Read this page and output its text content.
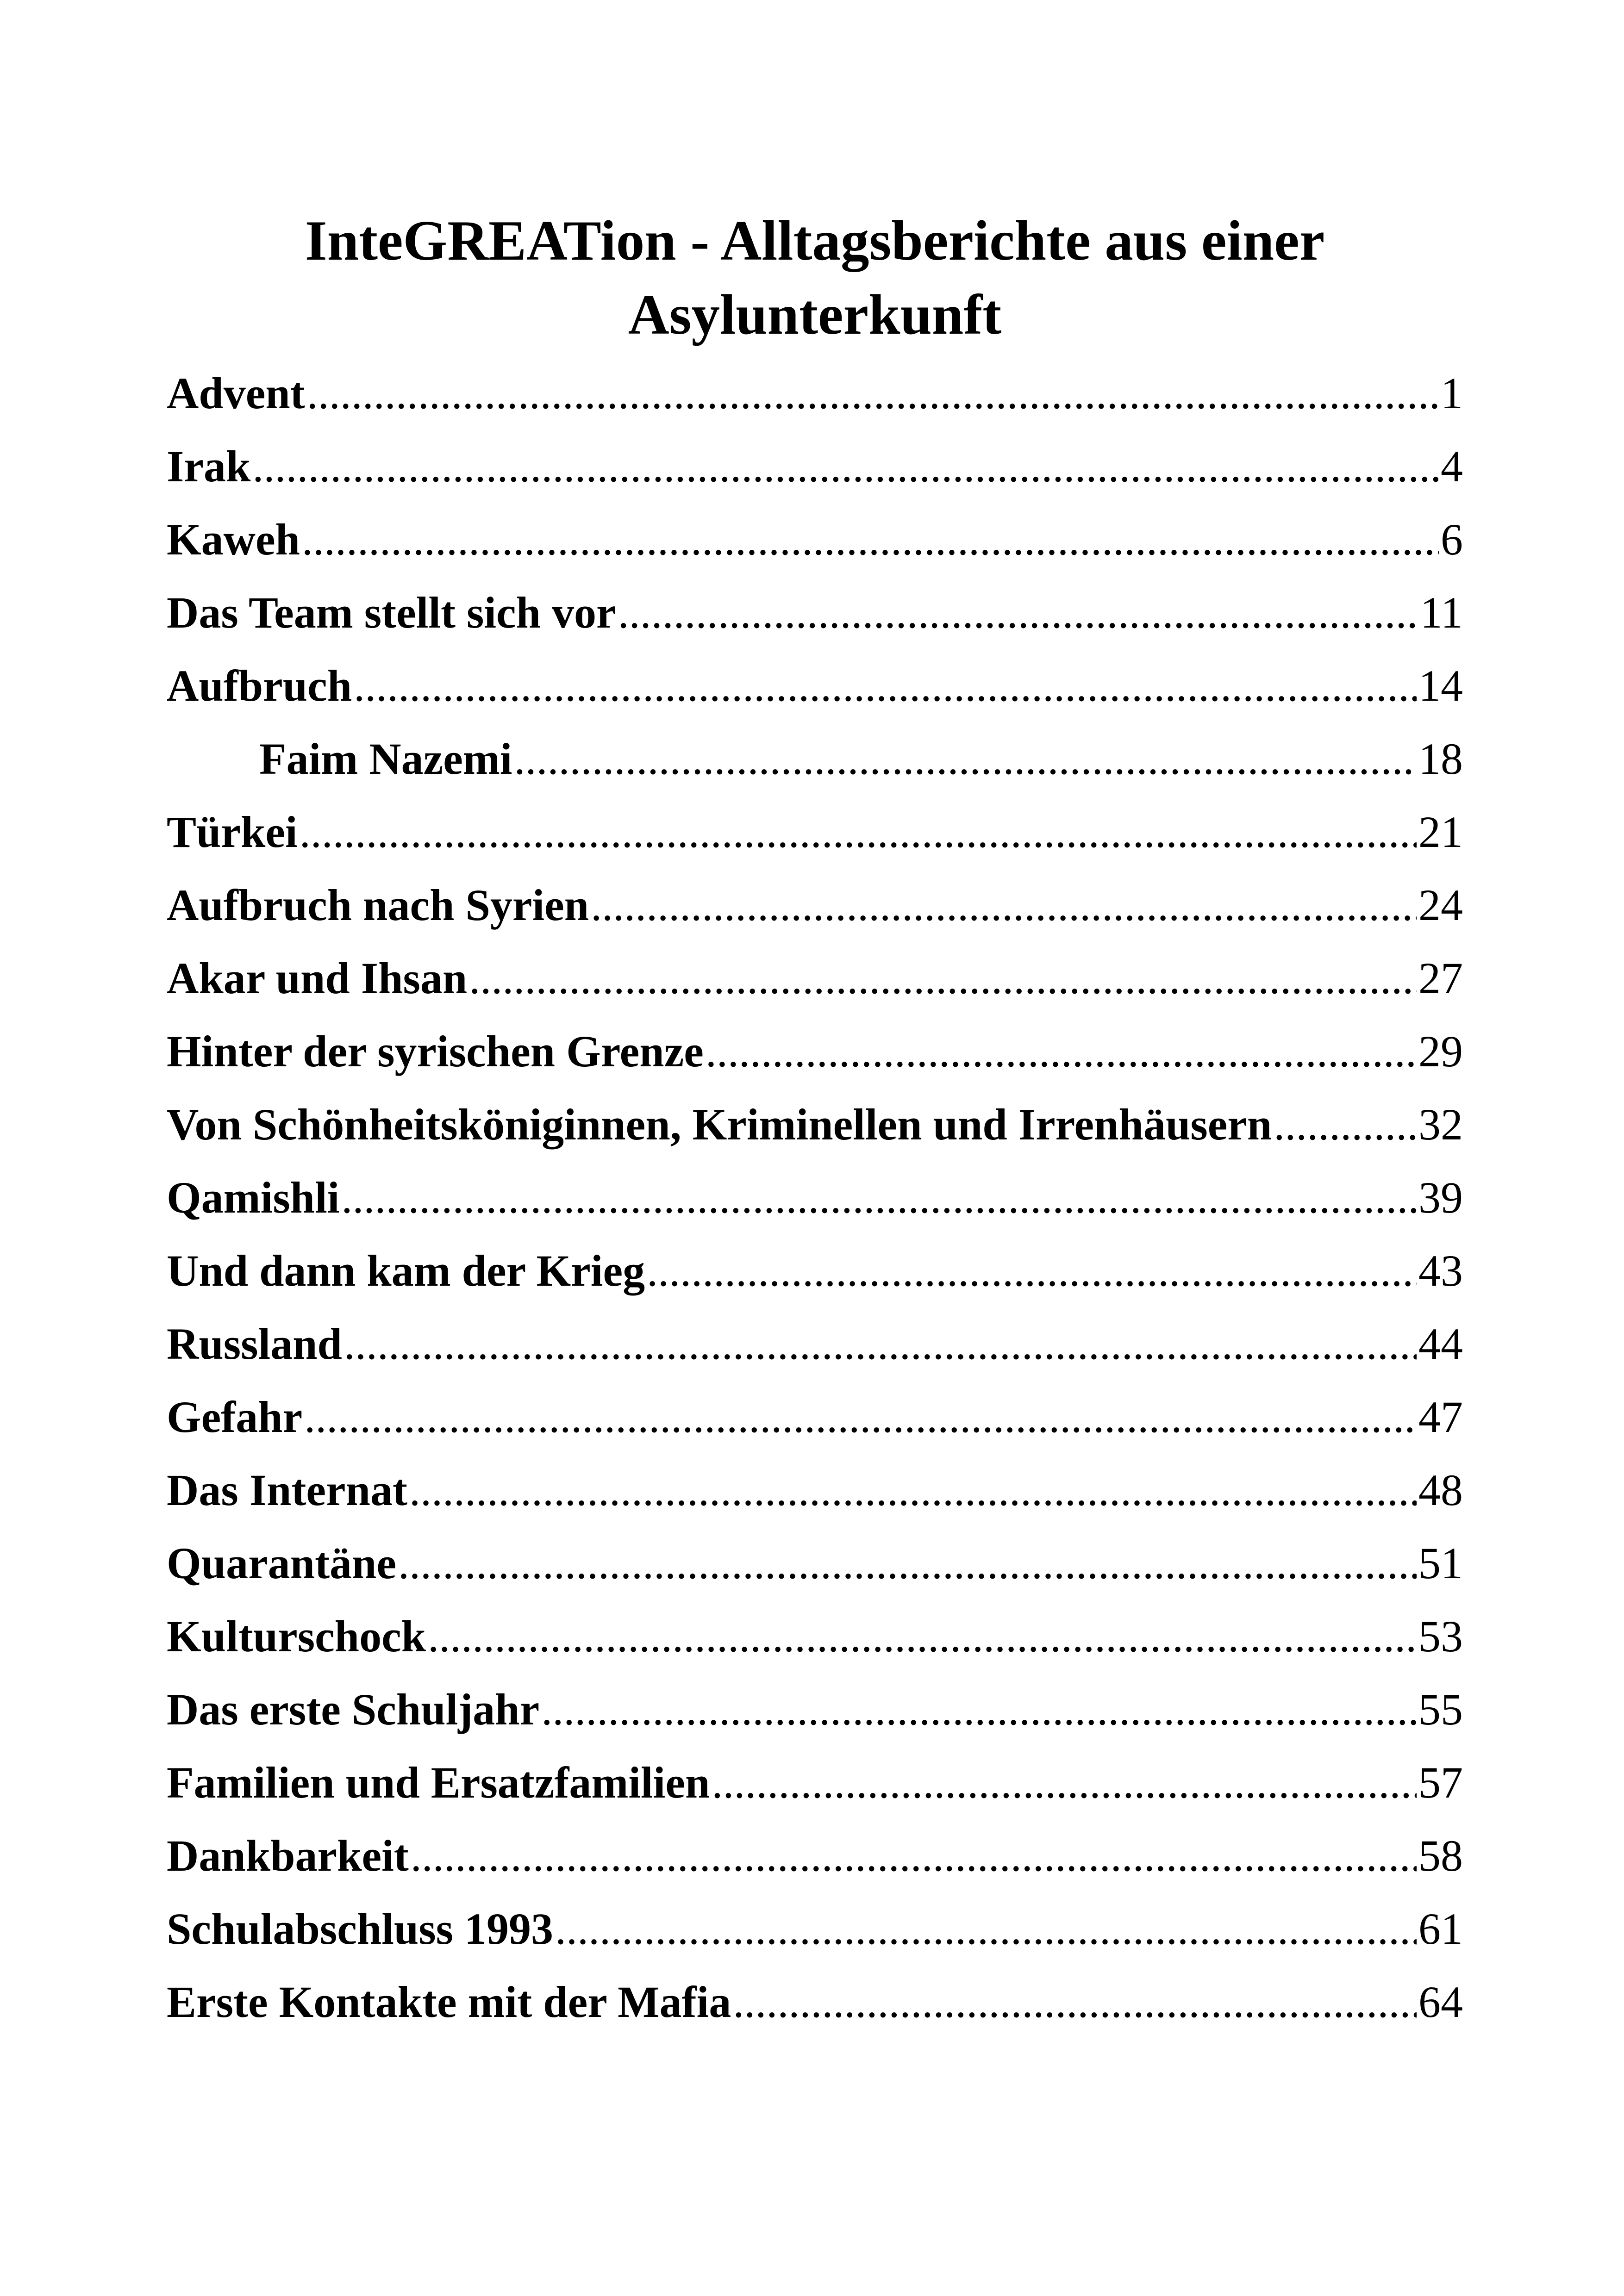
InteGREATion - Alltagsberichte aus einer
Asylunterkunft
Advent .....	1
Irak .....	4
Kaweh .....	6
Das Team stellt sich vor .....	11
Aufbruch .....	14
Faim Nazemi .....	18
Türkei .....	21
Aufbruch nach Syrien .....	24
Akar und Ihsan .....	27
Hinter der syrischen Grenze .....	29
Von Schönheitsköniginnen, Kriminellen und Irrenhäusern .....	32
Qamishli .....	39
Und dann kam der Krieg .....	43
Russland .....	44
Gefahr .....	47
Das Internat .....	48
Quarantäne .....	51
Kulturschock .....	53
Das erste Schuljahr .....	55
Familien und Ersatzfamilien .....	57
Dankbarkeit .....	58
Schulabschluss 1993 .....	61
Erste Kontakte mit der Mafia .....	64
